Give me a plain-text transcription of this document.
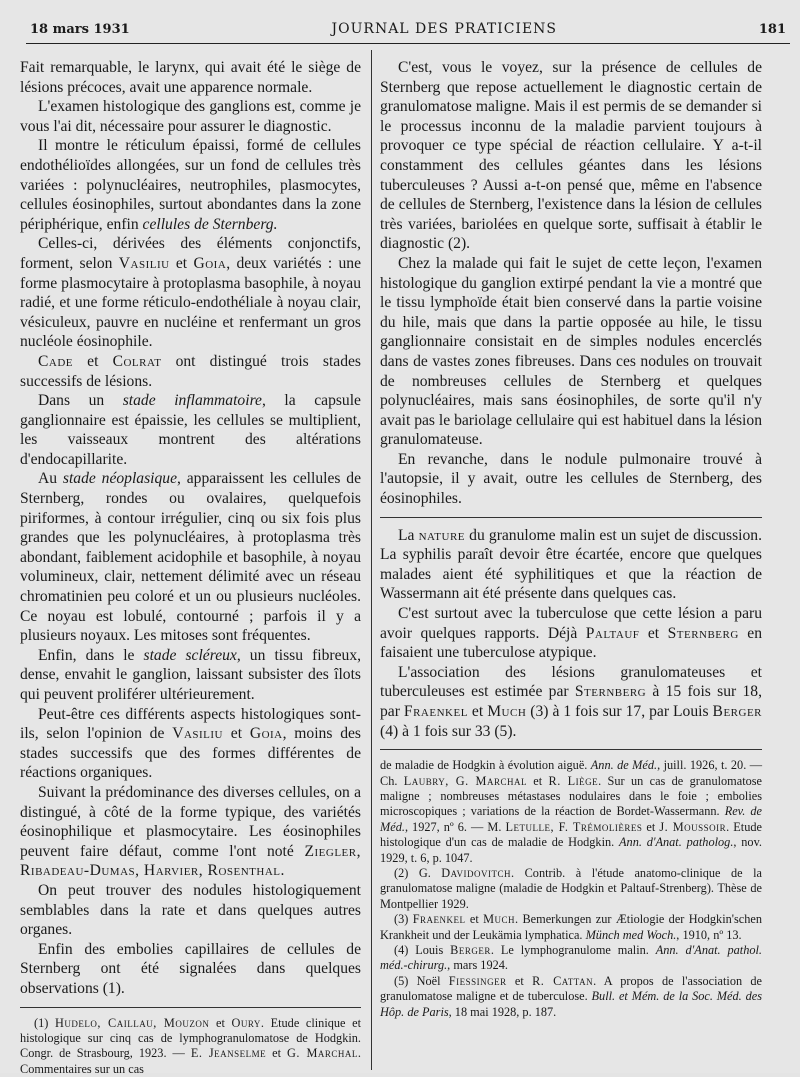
18 mars 1931	JOURNAL DES PRATICIENS	181

Fait remarquable, le larynx, qui avait été le siège de lésions précoces, avait une apparence normale.

L'examen histologique des ganglions est, comme je vous l'ai dit, nécessaire pour assurer le diagnostic.

Il montre le réticulum épaissi, formé de cellules endothélioïdes allongées, sur un fond de cellules très variées : polynucléaires, neutrophiles, plasmocytes, cellules éosinophiles, surtout abondantes dans la zone périphérique, enfin cellules de Sternberg.

Celles-ci, dérivées des éléments conjonctifs, forment, selon Vasiliu et Goia, deux variétés : une forme plasmocytaire à protoplasma basophile, à noyau radié, et une forme réticulo-endothéliale à noyau clair, vésiculeux, pauvre en nucléine et renfermant un gros nucléole éosinophile.

Cade et Colrat ont distingué trois stades successifs de lésions.

Dans un stade inflammatoire, la capsule ganglionnaire est épaissie, les cellules se multiplient, les vaisseaux montrent des altérations d'endocapillarite.

Au stade néoplasique, apparaissent les cellules de Sternberg, rondes ou ovalaires, quelquefois piriformes, à contour irrégulier, cinq ou six fois plus grandes que les polynucléaires, à protoplasma très abondant, faiblement acidophile et basophile, à noyau volumineux, clair, nettement délimité avec un réseau chromatinien peu coloré et un ou plusieurs nucléoles. Ce noyau est lobulé, contourné ; parfois il y a plusieurs noyaux. Les mitoses sont fréquentes.

Enfin, dans le stade scléreux, un tissu fibreux, dense, envahit le ganglion, laissant subsister des îlots qui peuvent proliférer ultérieurement.

Peut-être ces différents aspects histologiques sont-ils, selon l'opinion de Vasiliu et Goia, moins des stades successifs que des formes différentes de réactions organiques.

Suivant la prédominance des diverses cellules, on a distingué, à côté de la forme typique, des variétés éosinophilique et plasmocytaire. Les éosinophiles peuvent faire défaut, comme l'ont noté Ziegler, Ribadeau-Dumas, Harvier, Rosenthal.

On peut trouver des nodules histologiquement semblables dans la rate et dans quelques autres organes.

Enfin des embolies capillaires de cellules de Sternberg ont été signalées dans quelques observations (1).

(1) Hudelo, Caillau, Mouzon et Oury. Etude clinique et histologique sur cinq cas de lymphogranulomatose de Hodgkin. Congr. de Strasbourg, 1923. — E. Jeanselme et G. Marchal. Commentaires sur un cas

C'est, vous le voyez, sur la présence de cellules de Sternberg que repose actuellement le diagnostic certain de granulomatose maligne. Mais il est permis de se demander si le processus inconnu de la maladie parvient toujours à provoquer ce type spécial de réaction cellulaire. Y a-t-il constamment des cellules géantes dans les lésions tuberculeuses ? Aussi a-t-on pensé que, même en l'absence de cellules de Sternberg, l'existence dans la lésion de cellules très variées, bariolées en quelque sorte, suffisait à établir le diagnostic (2).

Chez la malade qui fait le sujet de cette leçon, l'examen histologique du ganglion extirpé pendant la vie a montré que le tissu lymphoïde était bien conservé dans la partie voisine du hile, mais que dans la partie opposée au hile, le tissu ganglionnaire consistait en de simples nodules encerclés dans de vastes zones fibreuses. Dans ces nodules on trouvait de nombreuses cellules de Sternberg et quelques polynucléaires, mais sans éosinophiles, de sorte qu'il n'y avait pas le bariolage cellulaire qui est habituel dans la lésion granulomateuse.

En revanche, dans le nodule pulmonaire trouvé à l'autopsie, il y avait, outre les cellules de Sternberg, des éosinophiles.

La nature du granulome malin est un sujet de discussion. La syphilis paraît devoir être écartée, encore que quelques malades aient été syphilitiques et que la réaction de Wassermann ait été présente dans quelques cas.

C'est surtout avec la tuberculose que cette lésion a paru avoir quelques rapports. Déjà Paltauf et Sternberg en faisaient une tuberculose atypique.

L'association des lésions granulomateuses et tuberculeuses est estimée par Sternberg à 15 fois sur 18, par Fraenkel et Much (3) à 1 fois sur 17, par Louis Berger (4) à 1 fois sur 33 (5).

de maladie de Hodgkin à évolution aiguë. Ann. de Méd., juill. 1926, t. 20. — Ch. Laubry, G. Marchal et R. Liège. Sur un cas de granulomatose maligne ; nombreuses métastases nodulaires dans le foie ; embolies microscopiques ; variations de la réaction de Bordet-Wassermann. Rev. de Méd., 1927, nº 6. — M. Letulle, F. Trémolières et J. Moussoir. Etude histologique d'un cas de maladie de Hodgkin. Ann. d'Anat. patholog., nov. 1929, t. 6, p. 1047.

(2) G. Davidovitch. Contrib. à l'étude anatomo-clinique de la granulomatose maligne (maladie de Hodgkin et Paltauf-Strenberg). Thèse de Montpellier 1929.

(3) Fraenkel et Much. Bemerkungen zur Ætiologie der Hodgkin'schen Krankheit und der Leukämia lymphatica. Münch med Woch., 1910, nº 13.

(4) Louis Berger. Le lymphogranulome malin. Ann. d'Anat. pathol. méd.-chirurg., mars 1924.

(5) Noël Fiessinger et R. Cattan. A propos de l'association de granulomatose maligne et de tuberculose. Bull. et Mém. de la Soc. Méd. des Hôp. de Paris, 18 mai 1928, p. 187.
